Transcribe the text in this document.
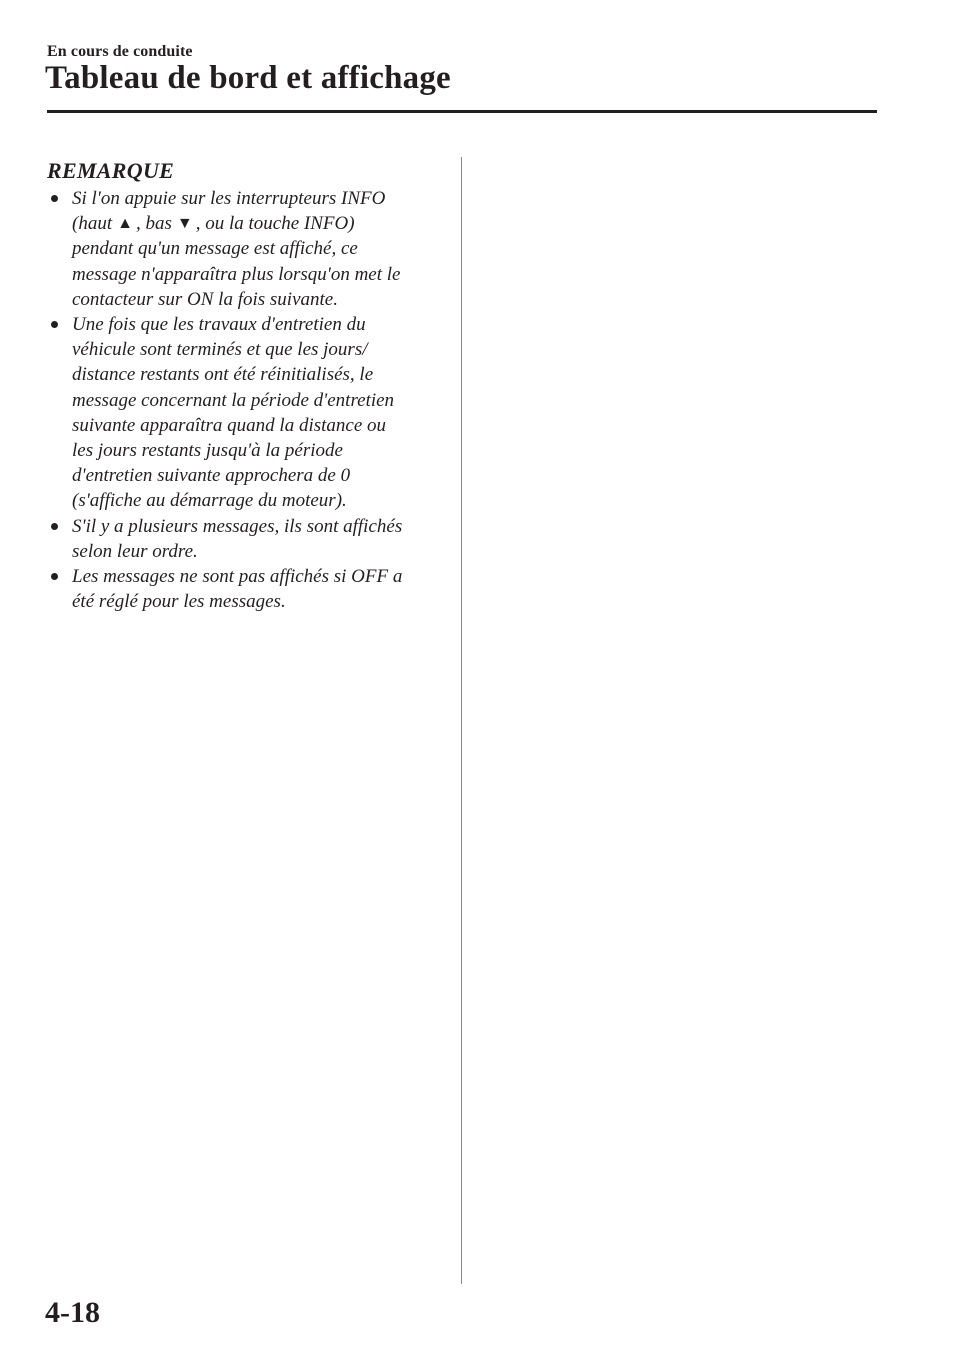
En cours de conduite
Tableau de bord et affichage
REMARQUE
Si l'on appuie sur les interrupteurs INFO
(haut ▲ , bas ▼ , ou la touche INFO)
pendant qu'un message est affiché, ce
message n'apparaîtra plus lorsqu'on met le
contacteur sur ON la fois suivante.
Une fois que les travaux d'entretien du
véhicule sont terminés et que les jours/
distance restants ont été réinitialisés, le
message concernant la période d'entretien
suivante apparaîtra quand la distance ou
les jours restants jusqu'à la période
d'entretien suivante approchera de 0
(s'affiche au démarrage du moteur).
S'il y a plusieurs messages, ils sont affichés
selon leur ordre.
Les messages ne sont pas affichés si OFF a
été réglé pour les messages.
4-18
